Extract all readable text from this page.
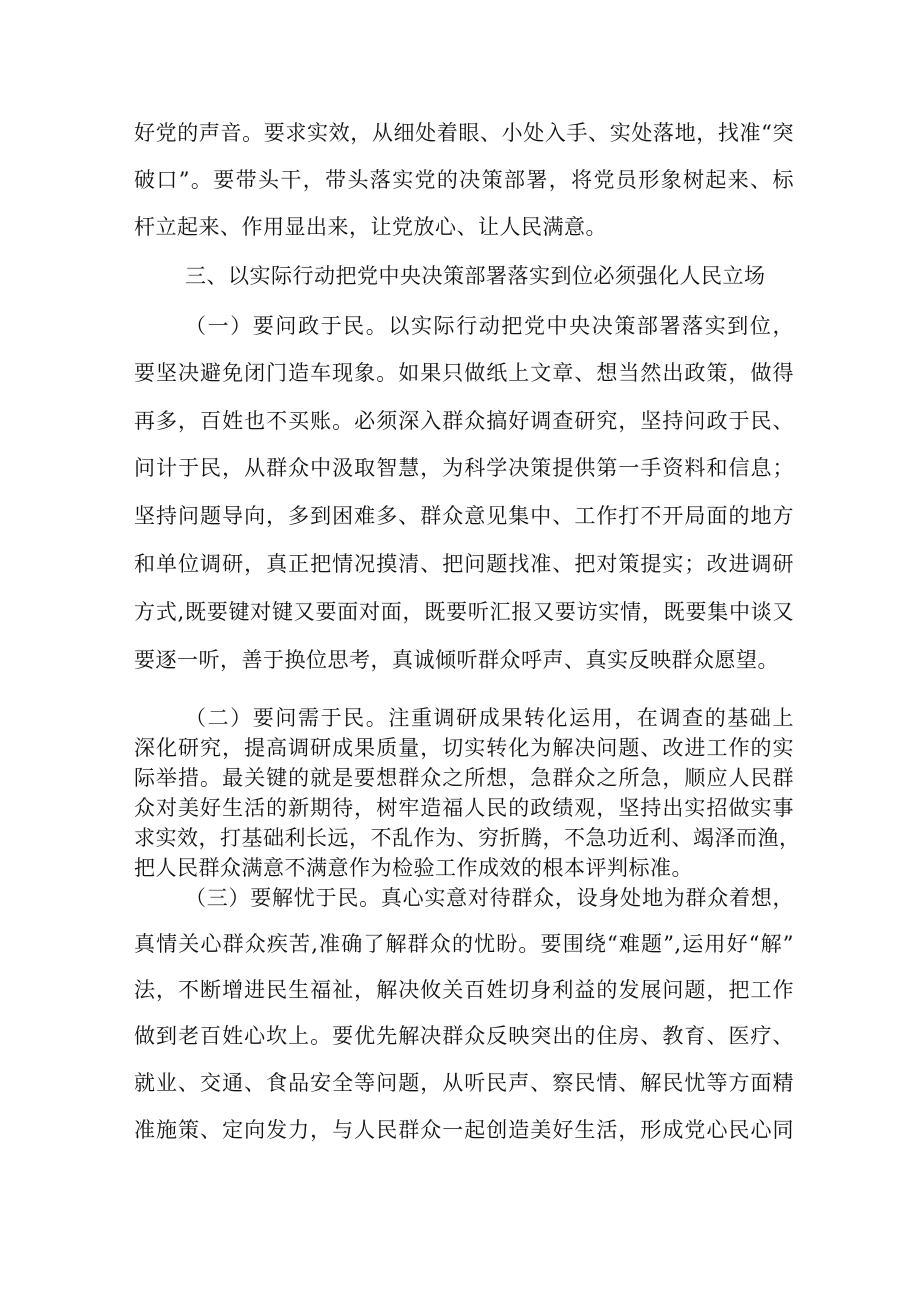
好党的声音。要求实效，从细处着眼、小处入手、实处落地，找准“突
破口”。要带头干，带头落实党的决策部署，将党员形象树起来、标
杆立起来、作用显出来，让党放心、让人民满意。
三、以实际行动把党中央决策部署落实到位必须强化人民立场
（一）要问政于民。以实际行动把党中央决策部署落实到位，
要坚决避免闭门造车现象。如果只做纸上文章、想当然出政策，做得
再多，百姓也不买账。必须深入群众搞好调查研究，坚持问政于民、
问计于民，从群众中汲取智慧，为科学决策提供第一手资料和信息；
坚持问题导向，多到困难多、群众意见集中、工作打不开局面的地方
和单位调研，真正把情况摸清、把问题找准、把对策提实；改进调研
方式,既要键对键又要面对面，既要听汇报又要访实情，既要集中谈又
要逐一听，善于换位思考，真诚倾听群众呼声、真实反映群众愿望。
（二）要问需于民。注重调研成果转化运用，在调查的基础上
深化研究，提高调研成果质量，切实转化为解决问题、改进工作的实
际举措。最关键的就是要想群众之所想，急群众之所急，顺应人民群
众对美好生活的新期待，树牢造福人民的政绩观，坚持出实招做实事
求实效，打基础利长远，不乱作为、穷折腾，不急功近利、竭泽而渔，
把人民群众满意不满意作为检验工作成效的根本评判标准。
（三）要解忧于民。真心实意对待群众，设身处地为群众着想，
真情关心群众疾苦,准确了解群众的忧盼。要围绕“难题”,运用好“解”
法，不断增进民生福祉，解决攸关百姓切身利益的发展问题，把工作
做到老百姓心坎上。要优先解决群众反映突出的住房、教育、医疗、
就业、交通、食品安全等问题，从听民声、察民情、解民忧等方面精
准施策、定向发力，与人民群众一起创造美好生活，形成党心民心同
